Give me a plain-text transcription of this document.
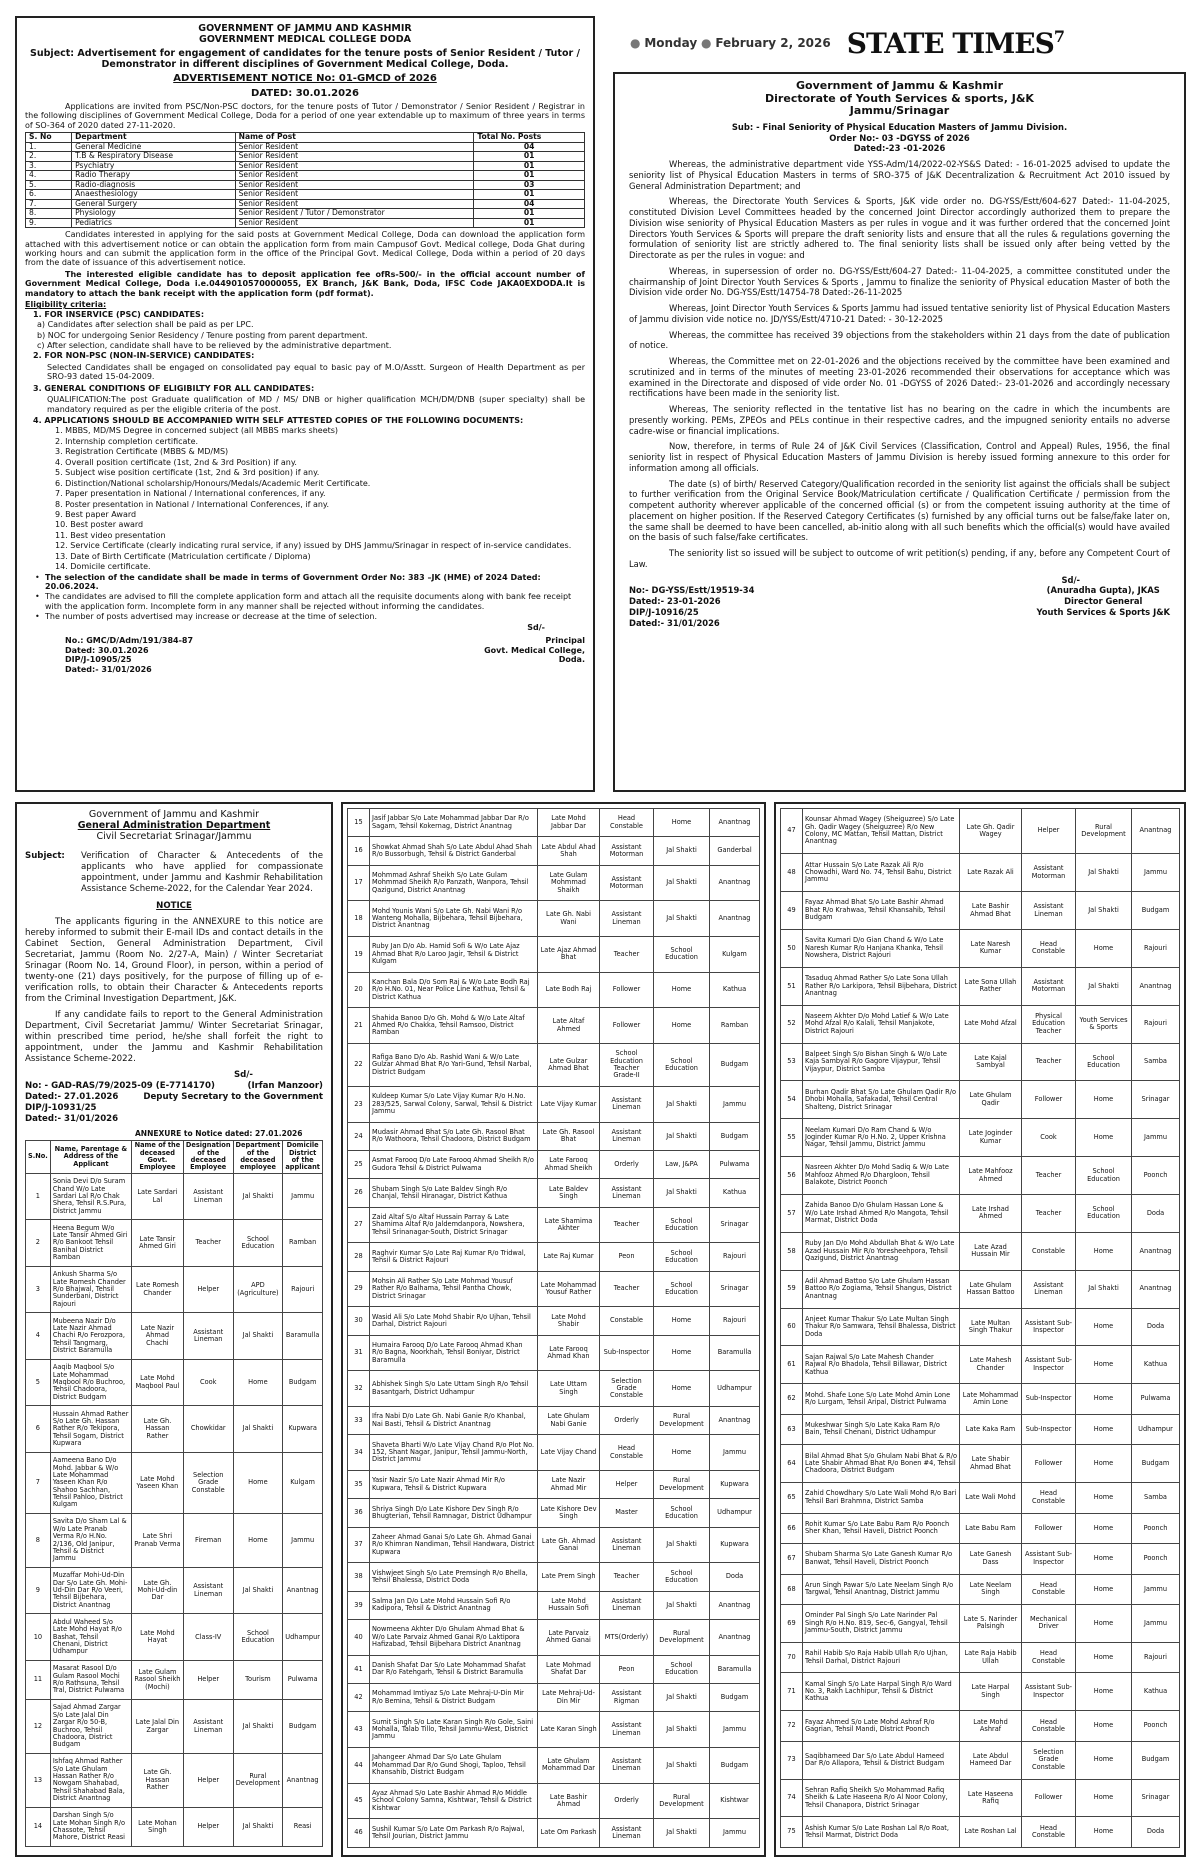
GOVERNMENT OF JAMMU AND KASHMIR
GOVERNMENT MEDICAL COLLEGE DODA
Subject: Advertisement for engagement of candidates for the tenure posts of Senior Resident / Tutor / Demonstrator in different disciplines of Government Medical College, Doda.
ADVERTISEMENT NOTICE No: 01-GMCD of 2026
DATED: 30.01.2026

Applications are invited from PSC/Non-PSC doctors, for the tenure posts of Tutor / Demonstrator / Senior Resident / Registrar in the following disciplines of Government Medical College, Doda for a period of one year extendable up to maximum of three years in terms of SO-364 of 2020 dated 27-11-2020.

S. No	Department	Name of Post	Total No. Posts
1.	General Medicine	Senior Resident	04
2.	T.B & Respiratory Disease	Senior Resident	01
3.	Psychiatry	Senior Resident	01
4.	Radio Therapy	Senior Resident	01
5.	Radio-diagnosis	Senior Resident	03
6.	Anaesthesiology	Senior Resident	01
7.	General Surgery	Senior Resident	04
8.	Physiology	Senior Resident / Tutor / Demonstrator	01
9.	Pediatrics	Senior Resident	01

Candidates interested in applying for the said posts at Government Medical College, Doda can download the application form attached with this advertisement notice or can obtain the application form from main Campusof Govt. Medical college, Doda Ghat during working hours and can submit the application form in the office of the Principal Govt. Medical College, Doda within a period of 20 days from the date of issuance of this advertisement notice.

The interested eligible candidate has to deposit application fee ofRs-500/- in the official account number of Government Medical College, Doda i.e.0449010570000055, EX Branch, J&K Bank, Doda, IFSC Code JAKA0EXDODA.It is mandatory to attach the bank receipt with the application form (pdf format).

Eligibility criteria:
1. FOR INSERVICE (PSC) CANDIDATES:
a) Candidates after selection shall be paid as per LPC.
b) NOC for undergoing Senior Residency / Tenure posting from parent department.
c) After selection, candidate shall have to be relieved by the administrative department.
2. FOR NON-PSC (NON-IN-SERVICE) CANDIDATES:

Selected Candidates shall be engaged on consolidated pay equal to basic pay of M.O/Asstt. Surgeon of Health Department as per SRO-93 dated 15-04-2009.

3. GENERAL CONDITIONS OF ELIGIBILTY FOR ALL CANDIDATES:

QUALIFICATION:The post Graduate qualification of MD / MS/ DNB or higher qualification MCH/DM/DNB (super specialty) shall be mandatory required as per the eligible criteria of the post.

4. APPLICATIONS SHOULD BE ACCOMPANIED WITH SELF ATTESTED COPIES OF THE FOLLOWING DOCUMENTS:
1. MBBS, MD/MS Degree in concerned subject (all MBBS marks sheets)
2. Internship completion certificate.
3. Registration Certificate (MBBS & MD/MS)
4. Overall position certificate (1st, 2nd & 3rd Position) if any.
5. Subject wise position certificate (1st, 2nd & 3rd position) if any.
6. Distinction/National scholarship/Honours/Medals/Academic Merit Certificate.
7. Paper presentation in National / International conferences, if any.
8. Poster presentation in National / International Conferences, if any.
9. Best paper Award
10. Best poster award
11. Best video presentation
12. Service Certificate (clearly indicating rural service, if any) issued by DHS Jammu/Srinagar in respect of in-service candidates.
13. Date of Birth Certificate (Matriculation certificate / Diploma)
14. Domicile certificate.
• The selection of the candidate shall be made in terms of Government Order No: 383 –JK (HME) of 2024 Dated: 20.06.2024.
• The candidates are advised to fill the complete application form and attach all the requisite documents along with bank fee receipt with the application form. Incomplete form in any manner shall be rejected without informing the candidates.
• The number of posts advertised may increase or decrease at the time of selection.
Sd/-
No.: GMC/D/Adm/191/384-87
Dated: 30.01.2026
DIP/J-10905/25
Dated:- 31/01/2026
Principal
Govt. Medical College,
Doda.
● Monday ● February 2, 2026 STATE TIMES$^7$
Government of Jammu & Kashmir
Directorate of Youth Services & sports, J&K
Jammu/Srinagar
Sub: - Final Seniority of Physical Education Masters of Jammu Division.
Order No:- 03 -DGYSS of 2026
Dated:-23 -01-2026

Whereas, the administrative department vide YSS-Adm/14/2022-02-YS&S Dated: - 16-01-2025 advised to update the seniority list of Physical Education Masters in terms of SRO-375 of J&K Decentralization & Recruitment Act 2010 issued by General Administration Department; and

Whereas, the Directorate Youth Services & Sports, J&K vide order no. DG-YSS/Estt/604-627 Dated:- 11-04-2025, constituted Division Level Committees headed by the concerned Joint Director accordingly authorized them to prepare the Division wise seniority of Physical Education Masters as per rules in vogue and it was further ordered that the concerned Joint Directors Youth Services & Sports will prepare the draft seniority lists and ensure that all the rules & regulations governing the formulation of seniority list are strictly adhered to. The final seniority lists shall be issued only after being vetted by the Directorate as per the rules in vogue: and

Whereas, in supersession of order no. DG-YSS/Estt/604-27 Dated:- 11-04-2025, a committee constituted under the chairmanship of Joint Director Youth Services & Sports , Jammu to finalize the seniority of Physical education Master of both the Division vide order No. DG-YSS/Estt/14754-78 Dated:-26-11-2025

Whereas, Joint Director Youth Services & Sports Jammu had issued tentative seniority list of Physical Education Masters of Jammu division vide notice no. JD/YSS/Estt/4710-21 Dated: - 30-12-2025

Whereas, the committee has received 39 objections from the stakeholders within 21 days from the date of publication of notice.

Whereas, the Committee met on 22-01-2026 and the objections received by the committee have been examined and scrutinized and in terms of the minutes of meeting 23-01-2026 recommended their observations for acceptance which was examined in the Directorate and disposed of vide order No. 01 -DGYSS of 2026 Dated:- 23-01-2026 and accordingly necessary rectifications have been made in the seniority list.

Whereas, The seniority reflected in the tentative list has no bearing on the cadre in which the incumbents are presently working. PEMs, ZPEOs and PELs continue in their respective cadres, and the impugned seniority entails no adverse cadre-wise or financial implications.

Now, therefore, in terms of Rule 24 of J&K Civil Services (Classification, Control and Appeal) Rules, 1956, the final seniority list in respect of Physical Education Masters of Jammu Division is hereby issued forming annexure to this order for information among all officials.

The date (s) of birth/ Reserved Category/Qualification recorded in the seniority list against the officials shall be subject to further verification from the Original Service Book/Matriculation certificate / Qualification Certificate / permission from the competent authority wherever applicable of the concerned official (s) or from the competent issuing authority at the time of placement on higher position. If the Reserved Category Certificates (s) furnished by any official turns out be false/fake later on, the same shall be deemed to have been cancelled, ab-initio along with all such benefits which the official(s) would have availed on the basis of such false/fake certificates.

The seniority list so issued will be subject to outcome of writ petition(s) pending, if any, before any Competent Court of Law.

Sd/-
No:- DG-YSS/Estt/19519-34
Dated:- 23-01-2026
DIP/J-10916/25
Dated:- 31/01/2026
(Anuradha Gupta), JKAS
Director General
Youth Services & Sports J&K
Government of Jammu and Kashmir
General Administration Department
Civil Secretariat Srinagar/Jammu
Subject:	Verification of Character & Antecedents of the applicants who have applied for compassionate appointment, under Jammu and Kashmir Rehabilitation Assistance Scheme-2022, for the Calendar Year 2024.
NOTICE

The applicants figuring in the ANNEXURE to this notice are hereby informed to submit their E-mail IDs and contact details in the Cabinet Section, General Administration Department, Civil Secretariat, Jammu (Room No. 2/27-A, Main) / Winter Secretariat Srinagar (Room No. 14, Ground Floor), in person, within a period of twenty-one (21) days positively, for the purpose of filling up of e-verification rolls, to obtain their Character & Antecedents reports from the Criminal Investigation Department, J&K.

If any candidate fails to report to the General Administration Department, Civil Secretariat Jammu/ Winter Secretariat Srinagar, within prescribed time period, he/she shall forfeit the right to appointment, under the Jammu and Kashmir Rehabilitation Assistance Scheme-2022.

Sd/-
No: - GAD-RAS/79/2025-09 (E-7714170)	(Irfan Manzoor)
Dated:- 27.01.2026	Deputy Secretary to the Government
DIP/J-10931/25
Dated:- 31/01/2026
ANNEXURE to Notice dated: 27.01.2026
S.No.	Name, Parentage & Address of the Applicant	Name of the deceased Govt. Employee	Designation of the deceased Employee	Department of the deceased employee	Domicile District of the applicant
1	Sonia Devi D/o Suram Chand W/o Late Sardari Lal R/o Chak Shera, Tehsil R.S.Pura, District Jammu	Late Sardari Lal	Assistant Lineman	Jal Shakti	Jammu
2	Heena Begum W/o Late Tansir Ahmed Giri R/o Bankoot Tehsil Banihal District Ramban	Late Tansir Ahmed Giri	Teacher	School Education	Ramban
3	Ankush Sharma S/o Late Romesh Chander R/o Bhajwal, Tehsil Sunderbani, District Rajouri	Late Romesh Chander	Helper	APD (Agriculture)	Rajouri
4	Mubeena Nazir D/o Late Nazir Ahmad Chachi R/o Ferozpora, Tehsil Tangmarg, District Baramulla	Late Nazir Ahmad Chachi	Assistant Lineman	Jal Shakti	Baramulla
5	Aaqib Maqbool S/o Late Mohammad Maqbool R/o Buchroo, Tehsil Chadoora, District Budgam	Late Mohd Maqbool Paul	Cook	Home	Budgam
6	Hussain Ahmad Rather S/o Late Gh. Hassan Rather R/o Tekipora, Tehsil Sogam, District Kupwara	Late Gh. Hassan Rather	Chowkidar	Jal Shakti	Kupwara
7	Aameena Bano D/o Mohd. Jabbar & W/o Late Mohammad Yaseen Khan R/o Shahoo Sachhan, Tehsil Pahloo, District Kulgam	Late Mohd Yaseen Khan	Selection Grade Constable	Home	Kulgam
8	Savita D/o Sham Lal & W/o Late Pranab Verma R/o H.No. 2/136, Old Janipur, Tehsil & District Jammu	Late Shri Pranab Verma	Fireman	Home	Jammu
9	Muzaffar Mohi-Ud-Din Dar S/o Late Gh. Mohi-Ud-Din Dar R/o Veeri, Tehsil Bijbehara, District Anantnag	Late Gh. Mohi-Ud-din Dar	Assistant Lineman	Jal Shakti	Anantnag
10	Abdul Waheed S/o Late Mohd Hayat R/o Bashat, Tehsil Chenani, District Udhampur	Late Mohd Hayat	Class-IV	School Education	Udhampur
11	Masarat Rasool D/o Gulam Rasool Mochi R/o Rathsuna, Tehsil Tral, District Pulwama	Late Gulam Rasool Sheikh (Mochi)	Helper	Tourism	Pulwama
12	Sajad Ahmad Zargar S/o Late Jalal Din Zargar R/o 50-B, Buchroo, Tehsil Chadoora, District Budgam	Late Jalal Din Zargar	Assistant Lineman	Jal Shakti	Budgam
13	Ishfaq Ahmad Rather S/o Late Ghulam Hassan Rather R/o Nowgam Shahabad, Tehsil Shahabad Bala, District Anantnag	Late Gh. Hassan Rather	Helper	Rural Development	Anantnag
14	Darshan Singh S/o Late Mohan Singh R/o Chassote, Tehsil Mahore, District Reasi	Late Mohan Singh	Helper	Jal Shakti	Reasi
15	Jasif Jabbar S/o Late Mohammad Jabbar Dar R/o Sagam, Tehsil Kokernag, District Anantnag	Late Mohd Jabbar Dar	Head Constable	Home	Anantnag
16	Showkat Ahmad Shah S/o Late Abdul Ahad Shah R/o Bussorbugh, Tehsil & District Ganderbal	Late Abdul Ahad Shah	Assistant Motorman	Jal Shakti	Ganderbal
17	Mohmmad Ashraf Sheikh S/o Late Gulam Mohmmad Sheikh R/o Panzath, Wanpora, Tehsil Qazigund, District Anantnag	Late Gulam Mohmmad Shaikh	Assistant Motorman	Jal Shakti	Anantnag
18	Mohd Younis Wani S/o Late Gh. Nabi Wani R/o Wanteng Mohalla, Bijbehara, Tehsil Bijbehara, District Anantnag	Late Gh. Nabi Wani	Assistant Lineman	Jal Shakti	Anantnag
19	Ruby Jan D/o Ab. Hamid Sofi & W/o Late Ajaz Ahmad Bhat R/o Laroo Jagir, Tehsil & District Kulgam	Late Ajaz Ahmad Bhat	Teacher	School Education	Kulgam
20	Kanchan Bala D/o Som Raj & W/o Late Bodh Raj R/o H.No. 01, Near Police Line Kathua, Tehsil & District Kathua	Late Bodh Raj	Follower	Home	Kathua
21	Shahida Banoo D/o Gh. Mohd & W/o Late Altaf Ahmed R/o Chakka, Tehsil Ramsoo, District Ramban	Late Altaf Ahmed	Follower	Home	Ramban
22	Rafiga Bano D/o Ab. Rashid Wani & W/o Late Gulzar Ahmad Bhat R/o Yari-Gund, Tehsil Narbal, District Budgam	Late Gulzar Ahmad Bhat	School Education Teacher Grade-II	School Education	Budgam
23	Kuldeep Kumar S/o Late Vijay Kumar R/o H.No. 283/525, Sarwal Colony, Sarwal, Tehsil & District Jammu	Late Vijay Kumar	Assistant Lineman	Jal Shakti	Jammu
24	Mudasir Ahmad Bhat S/o Late Gh. Rasool Bhat R/o Wathoora, Tehsil Chadoora, District Budgam	Late Gh. Rasool Bhat	Assistant Lineman	Jal Shakti	Budgam
25	Asmat Farooq D/o Late Farooq Ahmad Sheikh R/o Gudora Tehsil & District Pulwama	Late Farooq Ahmad Sheikh	Orderly	Law, J&PA	Pulwama
26	Shubam Singh S/o Late Baldev Singh R/o Chanjal, Tehsil Hiranagar, District Kathua	Late Baldev Singh	Assistant Lineman	Jal Shakti	Kathua
27	Zaid Altaf S/o Altaf Hussain Parray & Late Shamima Altaf R/o Jaldemdanpora, Nowshera, Tehsil Srinanagar-South, District Srinagar	Late Shamima Akhter	Teacher	School Education	Srinagar
28	Raghvir Kumar S/o Late Raj Kumar R/o Tridwal, Tehsil & District Rajouri	Late Raj Kumar	Peon	School Education	Rajouri
29	Mohsin Ali Rather S/o Late Mohmad Yousuf Rather R/o Balhama, Tehsil Pantha Chowk, District Srinagar	Late Mohammad Yousuf Rather	Teacher	School Education	Srinagar
30	Wasid Ali S/o Late Mohd Shabir R/o Ujhan, Tehsil Darhal, District Rajouri	Late Mohd Shabir	Constable	Home	Rajouri
31	Humaira Farooq D/o Late Farooq Ahmad Khan R/o Bagna, Noorkhah, Tehsil Boniyar, District Baramulla	Late Farooq Ahmad Khan	Sub-Inspector	Home	Baramulla
32	Abhishek Singh S/o Late Uttam Singh R/o Tehsil Basantgarh, District Udhampur	Late Uttam Singh	Selection Grade Constable	Home	Udhampur
33	Ifra Nabi D/o Late Gh. Nabi Ganie R/o Khanbal, Nai Basti, Tehsil & District Anantnag	Late Ghulam Nabi Ganie	Orderly	Rural Development	Anantnag
34	Shaveta Bharti W/o Late Vijay Chand R/o Plot No. 152, Shant Nagar, Janipur, Tehsil Jammu-North, District Jammu	Late Vijay Chand	Head Constable	Home	Jammu
35	Yasir Nazir S/o Late Nazir Ahmad Mir R/o Kupwara, Tehsil & District Kupwara	Late Nazir Ahmad Mir	Helper	Rural Development	Kupwara
36	Shriya Singh D/o Late Kishore Dev Singh R/o Bhugterian, Tehsil Ramnagar, District Udhampur	Late Kishore Dev Singh	Master	School Education	Udhampur
37	Zaheer Ahmad Ganai S/o Late Gh. Ahmad Ganai R/o Khimran Nandiman, Tehsil Handwara, District Kupwara	Late Gh. Ahmad Ganai	Assistant Lineman	Jal Shakti	Kupwara
38	Vishwjeet Singh S/o Late Premsingh R/o Bhella, Tehsil Bhalessa, District Doda	Late Prem Singh	Teacher	School Education	Doda
39	Salma Jan D/o Late Mohd Hussain Sofi R/o Kadipora, Tehsil & District Anantnag	Late Mohd Hussain Sofi	Assistant Lineman	Jal Shakti	Anantnag
40	Nowmeena Akhter D/o Ghulam Ahmad Bhat & W/o Late Parvaiz Ahmed Ganai R/o Laktipora Hafizabad, Tehsil Bijbehara District Anantnag	Late Parvaiz Ahmed Ganai	MTS(Orderly)	Rural Development	Anantnag
41	Danish Shafat Dar S/o Late Mohammad Shafat Dar R/o Fatehgarh, Tehsil & District Baramulla	Late Mohmad Shafat Dar	Peon	School Education	Baramulla
42	Mohammad Imtiyaz S/o Late Mehraj-U-Din Mir R/o Bemina, Tehsil & District Budgam	Late Mehraj-Ud-Din Mir	Assistant Rigman	Jal Shakti	Budgam
43	Sumit Singh S/o Late Karan Singh R/o Gole, Saini Mohalla, Talab Tillo, Tehsil Jammu-West, District Jammu	Late Karan Singh	Assistant Lineman	Jal Shakti	Jammu
44	Jahangeer Ahmad Dar S/o Late Ghulam Mohammad Dar R/o Gund Shogi, Taploo, Tehsil Khansahib, District Budgam	Late Ghulam Mohammad Dar	Assistant Lineman	Jal Shakti	Budgam
45	Ayaz Ahmad S/o Late Bashir Ahmad R/o Middle School Colony Samna, Kishtwar, Tehsil & District Kishtwar	Late Bashir Ahmad	Orderly	Rural Development	Kishtwar
46	Sushil Kumar S/o Late Om Parkash R/o Rajwal, Tehsil Jourian, District Jammu	Late Om Parkash	Assistant Lineman	Jal Shakti	Jammu
47	Kounsar Ahmad Wagey (Sheiguzree) S/o Late Gh. Qadir Wagey (Sheiguzree) R/o New Colony, MC Mattan, Tehsil Mattan, District Anantnag	Late Gh. Qadir Wagey	Helper	Rural Development	Anantnag
48	Attar Hussain S/o Late Razak Ali R/o Chowadhi, Ward No. 74, Tehsil Bahu, District Jammu	Late Razak Ali	Assistant Motorman	Jal Shakti	Jammu
49	Fayaz Ahmad Bhat S/o Late Bashir Ahmad Bhat R/o Krahwaa, Tehsil Khansahib, Tehsil Budgam	Late Bashir Ahmad Bhat	Assistant Lineman	Jal Shakti	Budgam
50	Savita Kumari D/o Gian Chand & W/o Late Naresh Kumar R/o Hanjana Khanka, Tehsil Nowshera, District Rajouri	Late Naresh Kumar	Head Constable	Home	Rajouri
51	Tasaduq Ahmad Rather S/o Late Sona Ullah Rather R/o Larkipora, Tehsil Bijbehara, District Anantnag	Late Sona Ullah Rather	Assistant Motorman	Jal Shakti	Anantnag
52	Naseem Akhter D/o Mohd Latief & W/o Late Mohd Afzal R/o Kalali, Tehsil Manjakote, District Rajouri	Late Mohd Afzal	Physical Education Teacher	Youth Services & Sports	Rajouri
53	Balpeet Singh S/o Bishan Singh & W/o Late Kaja Sambyal R/o Gagore Vijaypur, Tehsil Vijaypur, District Samba	Late Kajal Sambyal	Teacher	School Education	Samba
54	Burhan Qadir Bhat S/o Late Ghulam Qadir R/o Dhobi Mohalla, Safakadal, Tehsil Central Shalteng, District Srinagar	Late Ghulam Qadir	Follower	Home	Srinagar
55	Neelam Kumari D/o Ram Chand & W/o Joginder Kumar R/o H.No. 2, Upper Krishna Nagar, Tehsil Jammu, District Jammu	Late Joginder Kumar	Cook	Home	Jammu
56	Nasreen Akhter D/o Mohd Sadiq & W/o Late Mahfooz Ahmed R/o Dhargloon, Tehsil Balakote, District Poonch	Late Mahfooz Ahmed	Teacher	School Education	Poonch
57	Zahida Banoo D/o Ghulam Hassan Lone & W/o Late Irshad Ahmed R/o Mangota, Tehsil Marmat, District Doda	Late Irshad Ahmed	Teacher	School Education	Doda
58	Ruby Jan D/o Mohd Abdullah Bhat & W/o Late Azad Hussain Mir R/o Yoresheehpora, Tehsil Qazigund, District Anantnag	Late Azad Hussain Mir	Constable	Home	Anantnag
59	Adil Ahmad Battoo S/o Late Ghulam Hassan Battoo R/o Zogiama, Tehsil Shangus, District Anantnag	Late Ghulam Hassan Battoo	Assistant Lineman	Jal Shakti	Anantnag
60	Anjeet Kumar Thakur S/o Late Multan Singh Thakur R/o Samwara, Tehsil Bhalessa, District Doda	Late Multan Singh Thakur	Assistant Sub-Inspector	Home	Doda
61	Sajan Rajwal S/o Late Mahesh Chander Rajwal R/o Bhadola, Tehsil Billawar, District Kathua	Late Mahesh Chander	Assistant Sub-Inspector	Home	Kathua
62	Mohd. Shafe Lone S/o Late Mohd Amin Lone R/o Lurgam, Tehsil Aripal, District Pulwama	Late Mohammad Amin Lone	Sub-Inspector	Home	Pulwama
63	Mukeshwar Singh S/o Late Kaka Ram R/o Bain, Tehsil Chenani, District Udhampur	Late Kaka Ram	Sub-Inspector	Home	Udhampur
64	Bilal Ahmad Bhat S/o Ghulam Nabi Bhat & R/o Late Shabir Ahmad Bhat R/o Bonen #4, Tehsil Chadoora, District Budgam	Late Shabir Ahmad Bhat	Follower	Home	Budgam
65	Zahid Chowdhary S/o Late Wali Mohd R/o Bari Tehsil Bari Brahmna, District Samba	Late Wali Mohd	Head Constable	Home	Samba
66	Rohit Kumar S/o Late Babu Ram R/o Poonch Sher Khan, Tehsil Haveli, District Poonch	Late Babu Ram	Follower	Home	Poonch
67	Shubam Sharma S/o Late Ganesh Kumar R/o Banwat, Tehsil Haveli, District Poonch	Late Ganesh Dass	Assistant Sub-Inspector	Home	Poonch
68	Arun Singh Pawar S/o Late Neelam Singh R/o Targwal, Tehsil Anantnag, District Jammu	Late Neelam Singh	Head Constable	Home	Jammu
69	Ominder Pal Singh S/o Late Narinder Pal Singh R/o H.No. 819, Sec-6, Gangyal, Tehsil Jammu-South, District Jammu	Late S. Narinder Palsingh	Mechanical Driver	Home	Jammu
70	Rahil Habib S/o Raja Habib Ullah R/o Ujhan, Tehsil Darhal, District Rajouri	Late Raja Habib Ullah	Head Constable	Home	Rajouri
71	Kamal Singh S/o Late Harpal Singh R/o Ward No. 3, Rakh Lachhipur, Tehsil & District Kathua	Late Harpal Singh	Assistant Sub-Inspector	Home	Kathua
72	Fayaz Ahmed S/o Late Mohd Ashraf R/o Gagrian, Tehsil Mandi, District Poonch	Late Mohd Ashraf	Head Constable	Home	Poonch
73	Saqibhameed Dar S/o Late Abdul Hameed Dar R/o Allapora, Tehsil & District Budgam	Late Abdul Hameed Dar	Selection Grade Constable	Home	Budgam
74	Sehran Rafiq Sheikh S/o Mohammad Rafiq Sheikh & Late Haseena R/o Al Noor Colony, Tehsil Chanapora, District Srinagar	Late Haseena Rafiq	Follower	Home	Srinagar
75	Ashish Kumar S/o Late Roshan Lal R/o Roat, Tehsil Marmat, District Doda	Late Roshan Lal	Head Constable	Home	Doda
